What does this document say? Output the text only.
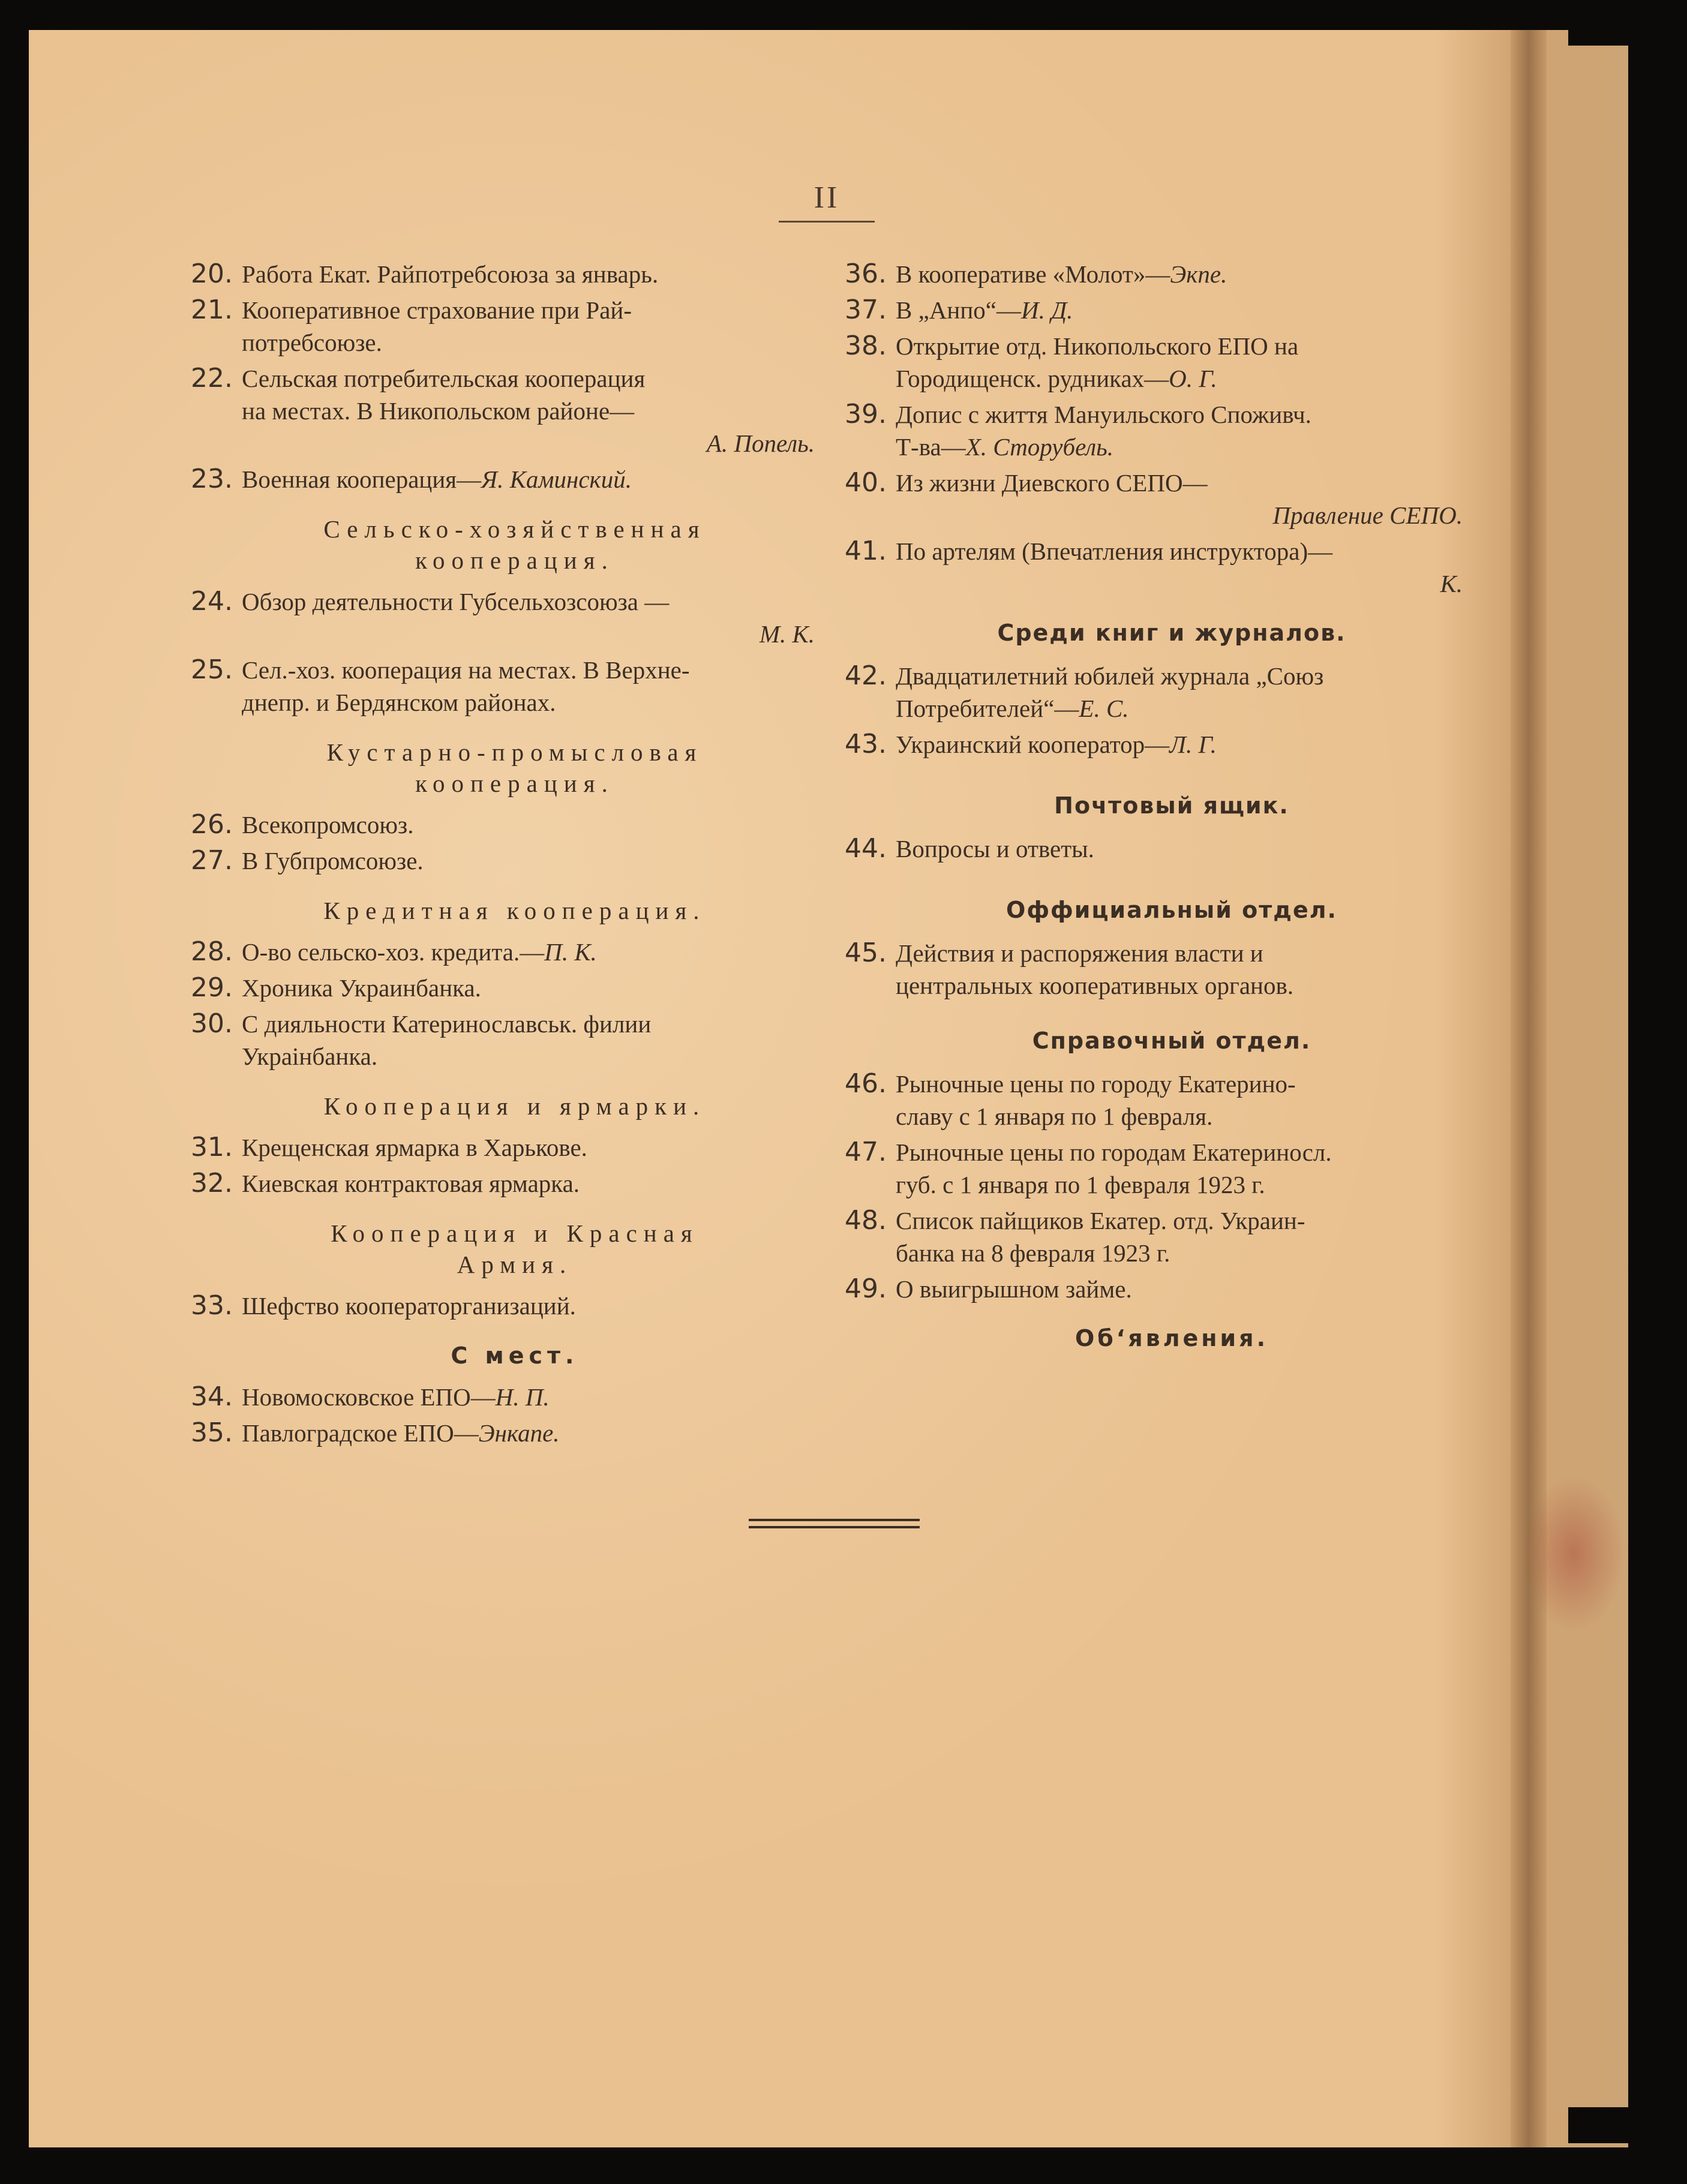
II
20. Работа Екат. Райпотребсоюза за январь.
21. Кооперативное страхование при Рай-
потребсоюзе.
22. Сельская потребительская кооперация
на местах. В Никопольском районе—
А. Попель.
23. Военная кооперация—Я. Каминский.
Сельско-хозяйственная
кооперация.
24. Обзор деятельности Губсельхозсоюза —
М. К.
25. Сел.-хоз. кооперация на местах. В Верхне-
днепр. и Бердянском районах.
Кустарно-промысловая
кооперация.
26. Всекопромсоюз.
27. В Губпромсоюзе.
Кредитная кооперация.
28. О-во сельско-хоз. кредита.—П. К.
29. Хроника Украинбанка.
30. С дияльности Катеринославськ. филии
Украiнбанка.
Кооперация и ярмарки.
31. Крещенская ярмарка в Харькове.
32. Киевская контрактовая ярмарка.
Кооперация и Красная
Армия.
33. Шефство кооператорганизаций.
С мест.
34. Новомосковское ЕПО—Н. П.
35. Павлоградское ЕПО—Энкапе.
36. В кооперативе «Молот»—Экпе.
37. В „Анпо“—И. Д.
38. Открытие отд. Никопольского ЕПО на
Городищенск. рудниках—О. Г.
39. Допис с життя Мануильского Споживч.
Т-ва—Х. Сторубель.
40. Из жизни Диевского СЕПО—
Правление СЕПО.
41. По артелям (Впечатления инструктора)—
К.
Среди книг и журналов.
42. Двадцатилетний юбилей журнала „Союз
Потребителей“—Е. С.
43. Украинский кооператор—Л. Г.
Почтовый ящик.
44. Вопросы и ответы.
Оффициальный отдел.
45. Действия и распоряжения власти и
центральных кооперативных органов.
Справочный отдел.
46. Рыночные цены по городу Екатерино-
славу с 1 января по 1 февраля.
47. Рыночные цены по городам Екатериносл.
губ. с 1 января по 1 февраля 1923 г.
48. Список пайщиков Екатер. отд. Украин-
банка на 8 февраля 1923 г.
49. О выигрышном займе.
Об‘явления.
